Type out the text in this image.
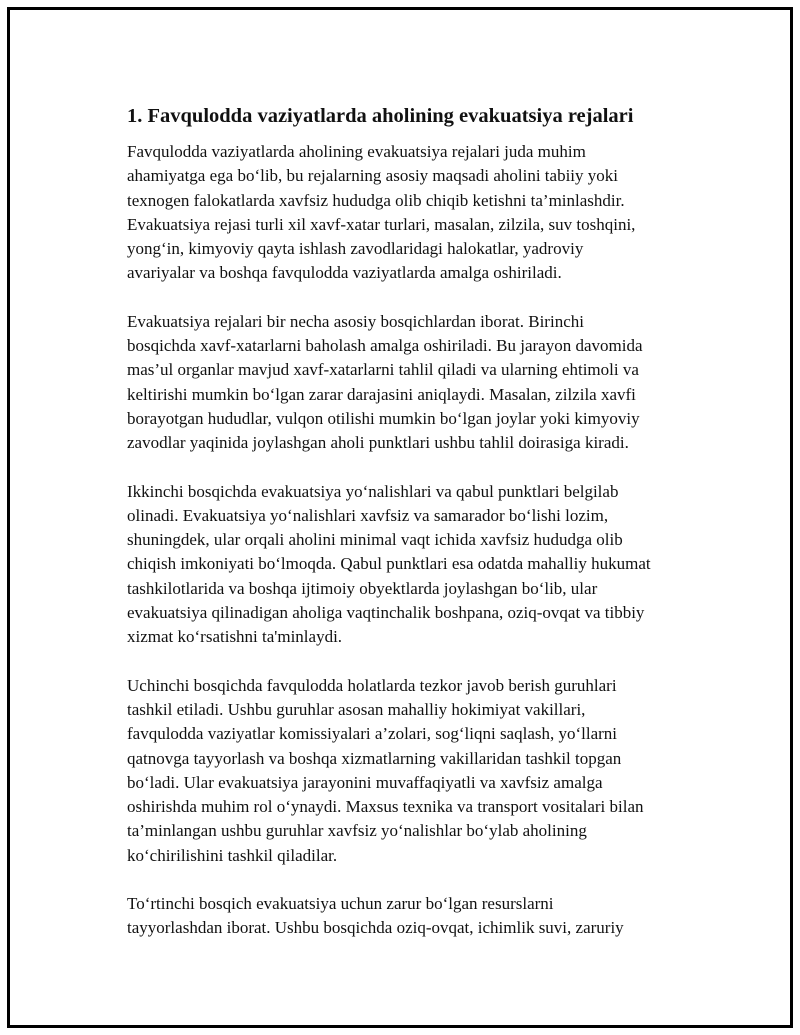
1. Favqulodda vaziyatlarda aholining evakuatsiya rejalari

Favqulodda vaziyatlarda aholining evakuatsiya rejalari juda muhim
ahamiyatga ega bo‘lib, bu rejalarning asosiy maqsadi aholini tabiiy yoki
texnogen falokatlarda xavfsiz hududga olib chiqib ketishni ta’minlashdir.
Evakuatsiya rejasi turli xil xavf-xatar turlari, masalan, zilzila, suv toshqini,
yong‘in, kimyoviy qayta ishlash zavodlaridagi halokatlar, yadroviy
avariyalar va boshqa favqulodda vaziyatlarda amalga oshiriladi.

Evakuatsiya rejalari bir necha asosiy bosqichlardan iborat. Birinchi
bosqichda xavf-xatarlarni baholash amalga oshiriladi. Bu jarayon davomida
mas’ul organlar mavjud xavf-xatarlarni tahlil qiladi va ularning ehtimoli va
keltirishi mumkin bo‘lgan zarar darajasini aniqlaydi. Masalan, zilzila xavfi
borayotgan hududlar, vulqon otilishi mumkin bo‘lgan joylar yoki kimyoviy
zavodlar yaqinida joylashgan aholi punktlari ushbu tahlil doirasiga kiradi.

Ikkinchi bosqichda evakuatsiya yo‘nalishlari va qabul punktlari belgilab
olinadi. Evakuatsiya yo‘nalishlari xavfsiz va samarador bo‘lishi lozim,
shuningdek, ular orqali aholini minimal vaqt ichida xavfsiz hududga olib
chiqish imkoniyati bo‘lmoqda. Qabul punktlari esa odatda mahalliy hukumat
tashkilotlarida va boshqa ijtimoiy obyektlarda joylashgan bo‘lib, ular
evakuatsiya qilinadigan aholiga vaqtinchalik boshpana, oziq-ovqat va tibbiy
xizmat ko‘rsatishni ta'minlaydi.

Uchinchi bosqichda favqulodda holatlarda tezkor javob berish guruhlari
tashkil etiladi. Ushbu guruhlar asosan mahalliy hokimiyat vakillari,
favqulodda vaziyatlar komissiyalari a’zolari, sog‘liqni saqlash, yo‘llarni
qatnovga tayyorlash va boshqa xizmatlarning vakillaridan tashkil topgan
bo‘ladi. Ular evakuatsiya jarayonini muvaffaqiyatli va xavfsiz amalga
oshirishda muhim rol o‘ynaydi. Maxsus texnika va transport vositalari bilan
ta’minlangan ushbu guruhlar xavfsiz yo‘nalishlar bo‘ylab aholining
ko‘chirilishini tashkil qiladilar.

To‘rtinchi bosqich evakuatsiya uchun zarur bo‘lgan resurslarni
tayyorlashdan iborat. Ushbu bosqichda oziq-ovqat, ichimlik suvi, zaruriy
